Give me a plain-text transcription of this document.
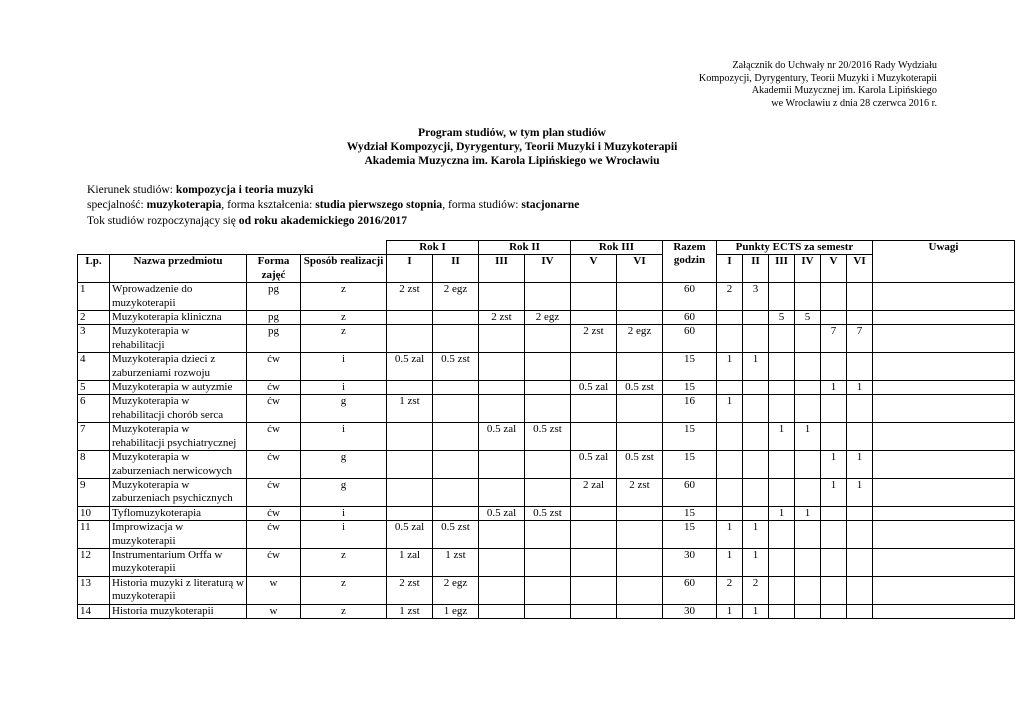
Załącznik do Uchwały nr 20/2016 Rady Wydziału
Kompozycji, Dyrygentury, Teorii Muzyki i Muzykoterapii
Akademii Muzycznej im. Karola Lipińskiego
we Wrocławiu z dnia 28 czerwca 2016 r.
Program studiów, w tym plan studiów
Wydział Kompozycji, Dyrygentury, Teorii Muzyki i Muzykoterapii
Akademia Muzyczna im. Karola Lipińskiego we Wrocławiu
Kierunek studiów: kompozycja i teoria muzyki
specjalność: muzykoterapia, forma kształcenia: studia pierwszego stopnia, forma studiów: stacjonarne
Tok studiów rozpoczynający się od roku akademickiego 2016/2017
				Rok I		Rok II		Rok III		Razem godzin	Punkty ECTS za semestr						Uwagi
Lp.	Nazwa przedmiotu	Forma zajęć	Sposób realizacji	I	II	III	IV	V	VI		I	II	III	IV	V	VI	
1	Wprowadzenie do muzykoterapii	pg	z	2 zst	2 egz					60	2	3					
2	Muzykoterapia kliniczna	pg	z			2 zst	2 egz			60			5	5			
3	Muzykoterapia w rehabilitacji	pg	z					2 zst	2 egz	60					7	7	
4	Muzykoterapia dzieci z zaburzeniami rozwoju	ćw	i	0.5 zal	0.5 zst					15	1	1					
5	Muzykoterapia w autyzmie	ćw	i					0.5 zal	0.5 zst	15					1	1	
6	Muzykoterapia w rehabilitacji chorób serca	ćw	g	1 zst						16	1						
7	Muzykoterapia w rehabilitacji psychiatrycznej	ćw	i			0.5 zal	0.5 zst			15			1	1			
8	Muzykoterapia w zaburzeniach nerwicowych	ćw	g					0.5 zal	0.5 zst	15					1	1	
9	Muzykoterapia w zaburzeniach psychicznych	ćw	g					2 zal	2 zst	60					1	1	
10	Tyflomuzykoterapia	ćw	i			0.5 zal	0.5 zst			15			1	1			
11	Improwizacja w muzykoterapii	ćw	i	0.5 zal	0.5 zst					15	1	1					
12	Instrumentarium Orffa w muzykoterapii	ćw	z	1 zal	1 zst					30	1	1					
13	Historia muzyki z literaturą w muzykoterapii	w	z	2 zst	2 egz					60	2	2					
14	Historia muzykoterapii	w	z	1 zst	1 egz					30	1	1					
